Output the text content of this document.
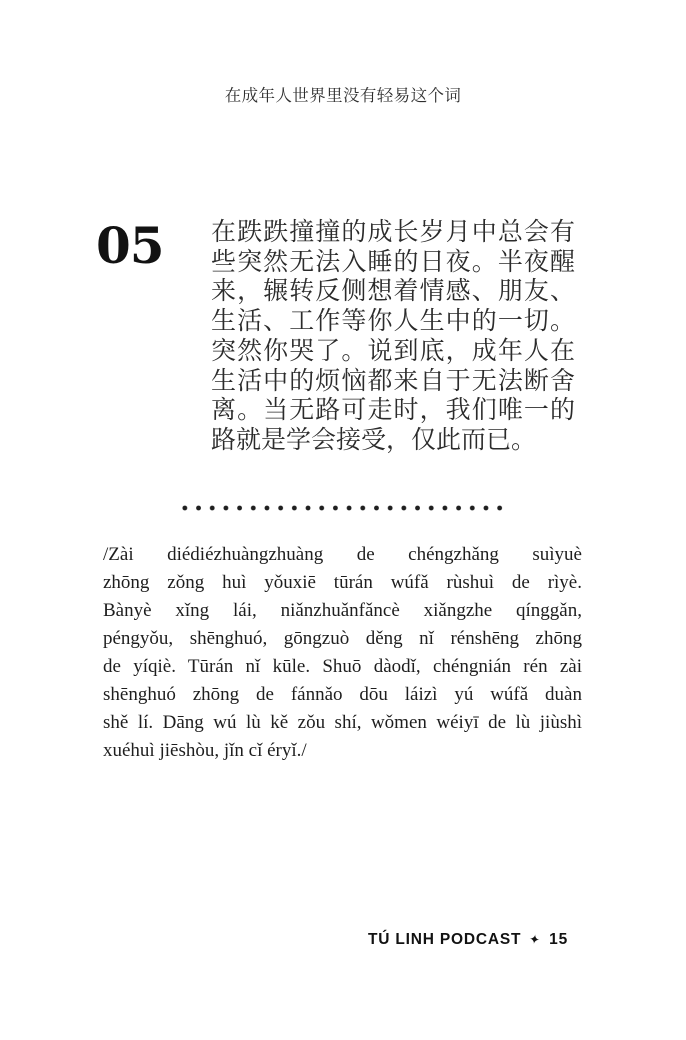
在成年人世界里没有轻易这个词
05 在跌跌撞撞的成长岁月中总会有
些突然无法入睡的日夜。半夜醒
来，辗转反侧想着情感、朋友、
生活、工作等你人生中的一切。
突然你哭了。说到底，成年人在
生活中的烦恼都来自于无法断舍
离。当无路可走时，我们唯一的
路就是学会接受，仅此而已。
/Zài diédiézhuàngzhuàng de chéngzhǎng suìyuè
zhōng zǒng huì yǒuxiē tūrán wúfǎ rùshuì de rìyè.
Bànyè xǐng lái, niǎnzhuǎnfǎncè xiǎngzhe qínggǎn,
péngyǒu, shēnghuó, gōngzuò děng nǐ rénshēng zhōng
de yíqiè. Tūrán nǐ kūle. Shuō dàodǐ, chéngnián rén zài
shēnghuó zhōng de fánnǎo dōu láizì yú wúfǎ duàn
shě lí. Dāng wú lù kě zǒu shí, wǒmen wéiyī de lù jiùshì
xuéhuì jiēshòu, jǐn cǐ éryǐ./
TÚ LINH PODCAST ✦ 15
